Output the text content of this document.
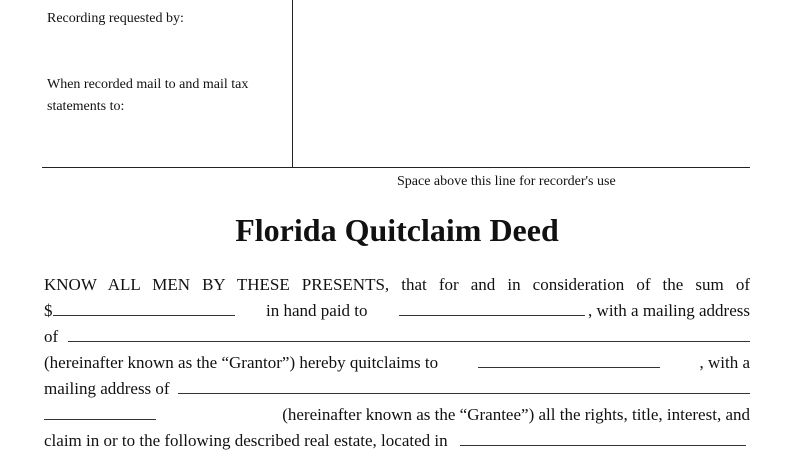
Recording requested by:
When recorded mail to and mail tax
statements to:
Space above this line for recorder's use
Florida Quitclaim Deed
KNOW ALL MEN BY THESE PRESENTS, that for and in consideration of the sum of
$	in hand paid to	, with a mailing address
of
(hereinafter known as the “Grantor”) hereby quitclaims to	, with a
mailing address of
(hereinafter known as the “Grantee”) all the rights, title, interest, and
claim in or to the following described real estate, located in
